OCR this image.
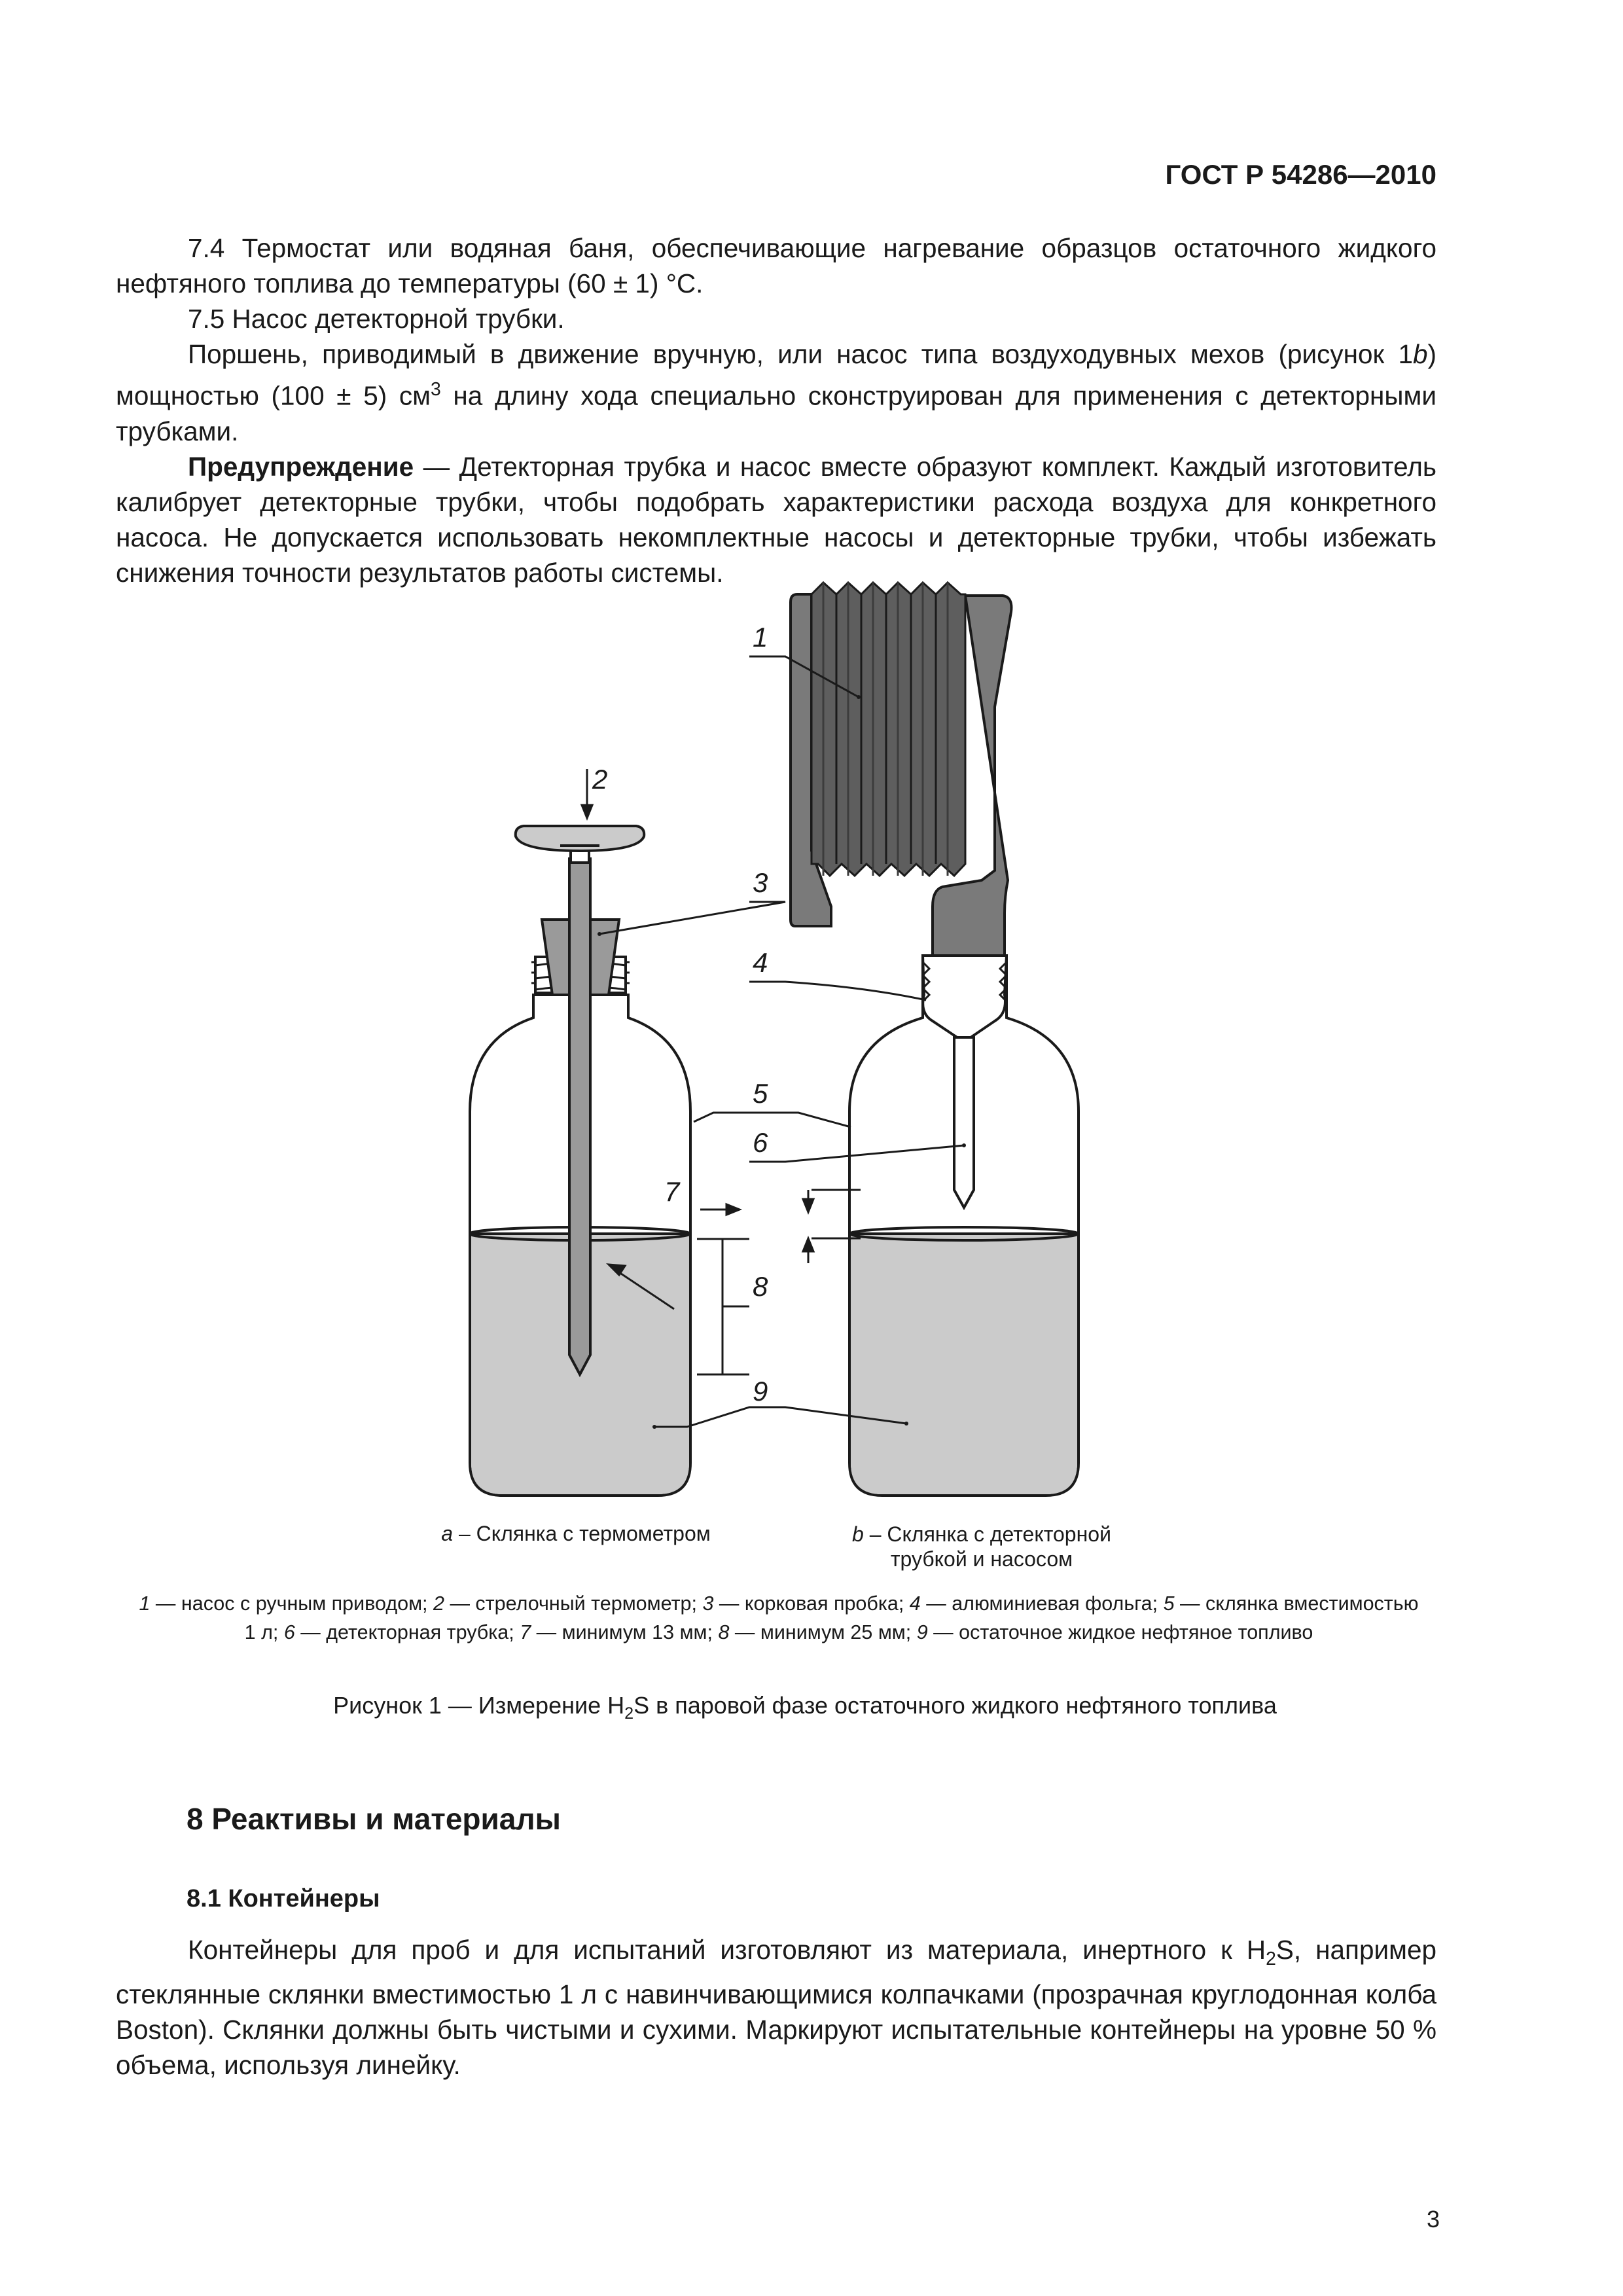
ГОСТ Р 54286—2010

7.4 Термостат или водяная баня, обеспечивающие нагревание образцов остаточного жидкого нефтяного топлива до температуры (60 ± 1) °С.

7.5 Насос детекторной трубки.

Поршень, приводимый в движение вручную, или насос типа воздуходувных мехов (рисунок 1b) мощностью (100 ± 5) $см^3$ на длину хода специально сконструирован для применения с детекторными трубками.

Предупреждение — Детекторная трубка и насос вместе образуют комплект. Каждый изготовитель калибрует детекторные трубки, чтобы подобрать характеристики расхода воздуха для конкретного насоса. Не допускается использовать некомплектные насосы и детекторные трубки, чтобы избежать снижения точности результатов работы системы.

1
2
3
4
5
6
7
8
9
a – Склянка с термометром	b – Склянка с детекторной
трубкой и насосом
1 — насос с ручным приводом; 2 — стрелочный термометр; 3 — корковая пробка; 4 — алюминиевая фольга; 5 — склянка вместимостью 1 л; 6 — детекторная трубка; 7 — минимум 13 мм; 8 — минимум 25 мм; 9 — остаточное жидкое нефтяное топливо
Рисунок 1 — Измерение $H_2S$ в паровой фазе остаточного жидкого нефтяного топлива
8 Реактивы и материалы
8.1 Контейнеры

Контейнеры для проб и для испытаний изготовляют из материала, инертного к $H_2S$, например стеклянные склянки вместимостью 1 л с навинчивающимися колпачками (прозрачная круглодонная колба Boston). Склянки должны быть чистыми и сухими. Маркируют испытательные контейнеры на уровне 50 % объема, используя линейку.

3
